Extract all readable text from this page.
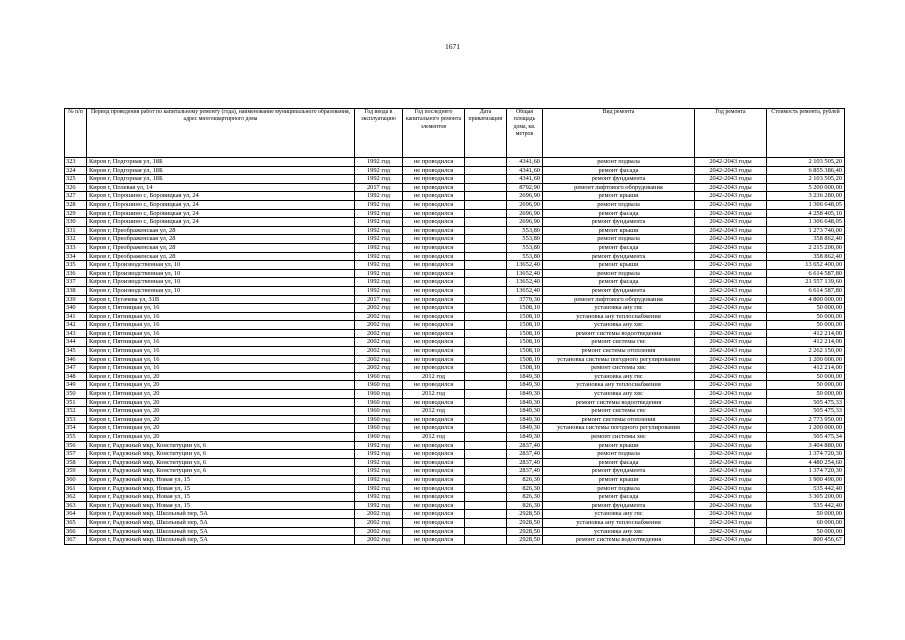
1671
№ п/п	Период проведения работ по капитальному ремонту (года), наименование муниципального образования, адрес многоквартирного дома	Год ввода в эксплуатацию	Год последнего капитального ремонта элементов	Дата приватизации	Общая площадь дома, кв. метров	Вид ремонта	Год ремонта	Стоимость ремонта, рублей
323	Киров г, Подгорная ул, 18Б	1992 год	не проводился		4341,60	ремонт подвала	2042-2043 годы	2 103 505,20
324	Киров г, Подгорная ул, 18Б	1992 год	не проводился		4341,60	ремонт фасада	2042-2043 годы	6 855 386,40
325	Киров г, Подгорная ул, 18Б	1992 год	не проводился		4341,60	ремонт фундамента	2042-2043 годы	2 103 505,20
326	Киров г, Полевая ул, 14	2017 год	не проводился		8792,90	ремонт лифтового оборудования	2042-2043 годы	5 200 000,00
327	Киров г, Порошино с, Боровицкая ул, 24	1992 год	не проводился		2696,90	ремонт крыши	2042-2043 годы	3 236 280,00
328	Киров г, Порошино с, Боровицкая ул, 24	1992 год	не проводился		2696,90	ремонт подвала	2042-2043 годы	1 306 648,05
329	Киров г, Порошино с, Боровицкая ул, 24	1992 год	не проводился		2696,90	ремонт фасада	2042-2043 годы	4 258 405,10
330	Киров г, Порошино с, Боровицкая ул, 24	1992 год	не проводился		2696,90	ремонт фундамента	2042-2043 годы	1 306 648,05
331	Киров г, Преображенская ул, 28	1992 год	не проводился		553,80	ремонт крыши	2042-2043 годы	1 273 740,00
332	Киров г, Преображенская ул, 28	1992 год	не проводился		553,80	ремонт подвала	2042-2043 годы	358 862,40
333	Киров г, Преображенская ул, 28	1992 год	не проводился		553,80	ремонт фасада	2042-2043 годы	2 215 200,00
334	Киров г, Преображенская ул, 28	1992 год	не проводился		553,80	ремонт фундамента	2042-2043 годы	358 862,40
335	Киров г, Производственная ул, 10	1992 год	не проводился		13652,40	ремонт крыши	2042-2043 годы	13 652 400,00
336	Киров г, Производственная ул, 10	1992 год	не проводился		13652,40	ремонт подвала	2042-2043 годы	6 614 587,80
337	Киров г, Производственная ул, 10	1992 год	не проводился		13652,40	ремонт фасада	2042-2043 годы	21 557 139,60
338	Киров г, Производственная ул, 10	1992 год	не проводился		13652,40	ремонт фундамента	2042-2043 годы	6 614 587,80
339	Киров г, Пугачева ул, 31В	2017 год	не проводился		3779,30	ремонт лифтового оборудования	2042-2043 годы	4 800 000,00
340	Киров г, Пятницкая ул, 16	2002 год	не проводился		1508,10	установка ану гвс	2042-2043 годы	50 000,00
341	Киров г, Пятницкая ул, 16	2002 год	не проводился		1508,10	установка ану теплоснабжения	2042-2043 годы	50 000,00
342	Киров г, Пятницкая ул, 16	2002 год	не проводился		1508,10	установка ану хвс	2042-2043 годы	50 000,00
343	Киров г, Пятницкая ул, 16	2002 год	не проводился		1508,10	ремонт системы водоотведения	2042-2043 годы	412 214,00
344	Киров г, Пятницкая ул, 16	2002 год	не проводился		1508,10	ремонт системы гвс	2042-2043 годы	412 214,00
345	Киров г, Пятницкая ул, 16	2002 год	не проводился		1508,10	ремонт системы отопления	2042-2043 годы	2 262 150,00
346	Киров г, Пятницкая ул, 16	2002 год	не проводился		1508,10	установка системы погодного регулирования	2042-2043 годы	1 200 000,00
347	Киров г, Пятницкая ул, 16	2002 год	не проводился		1508,10	ремонт системы хвс	2042-2043 годы	412 214,00
348	Киров г, Пятницкая ул, 20	1960 год	2012 год		1849,30	установка ану гвс	2042-2043 годы	50 000,00
349	Киров г, Пятницкая ул, 20	1960 год	не проводился		1849,30	установка ану теплоснабжения	2042-2043 годы	50 000,00
350	Киров г, Пятницкая ул, 20	1960 год	2012 год		1849,30	установка ану хвс	2042-2043 годы	50 000,00
351	Киров г, Пятницкая ул, 20	1960 год	не проводился		1849,30	ремонт системы водоотведения	2042-2043 годы	505 475,33
352	Киров г, Пятницкая ул, 20	1960 год	2012 год		1849,30	ремонт системы гвс	2042-2043 годы	505 475,33
353	Киров г, Пятницкая ул, 20	1960 год	не проводился		1849,30	ремонт системы отопления	2042-2043 годы	2 773 950,00
354	Киров г, Пятницкая ул, 20	1960 год	не проводился		1849,30	установка системы погодного регулирования	2042-2043 годы	1 200 000,00
355	Киров г, Пятницкая ул, 20	1960 год	2012 год		1849,30	ремонт системы хвс	2042-2043 годы	505 475,34
356	Киров г, Радужный мкр, Конституции ул, 6	1992 год	не проводился		2837,40	ремонт крыши	2042-2043 годы	3 404 880,00
357	Киров г, Радужный мкр, Конституции ул, 6	1992 год	не проводился		2837,40	ремонт подвала	2042-2043 годы	1 374 720,30
358	Киров г, Радужный мкр, Конституции ул, 6	1992 год	не проводился		2837,40	ремонт фасада	2042-2043 годы	4 480 254,60
359	Киров г, Радужный мкр, Конституции ул, 6	1992 год	не проводился		2837,40	ремонт фундамента	2042-2043 годы	1 374 720,30
360	Киров г, Радужный мкр, Новая ул, 15	1992 год	не проводился		826,30	ремонт крыши	2042-2043 годы	1 900 490,00
361	Киров г, Радужный мкр, Новая ул, 15	1992 год	не проводился		826,30	ремонт подвала	2042-2043 годы	535 442,40
362	Киров г, Радужный мкр, Новая ул, 15	1992 год	не проводился		826,30	ремонт фасада	2042-2043 годы	3 305 200,00
363	Киров г, Радужный мкр, Новая ул, 15	1992 год	не проводился		826,30	ремонт фундамента	2042-2043 годы	535 442,40
364	Киров г, Радужный мкр, Школьный пер, 5А	2002 год	не проводился		2928,50	установка ану гвс	2042-2043 годы	50 000,00
365	Киров г, Радужный мкр, Школьный пер, 5А	2002 год	не проводился		2928,50	установка ану теплоснабжения	2042-2043 годы	60 000,00
366	Киров г, Радужный мкр, Школьный пер, 5А	2002 год	не проводился		2928,50	установка ану хвс	2042-2043 годы	50 000,00
367	Киров г, Радужный мкр, Школьный пер, 5А	2002 год	не проводился		2928,50	ремонт системы водоотведения	2042-2043 годы	800 456,67
